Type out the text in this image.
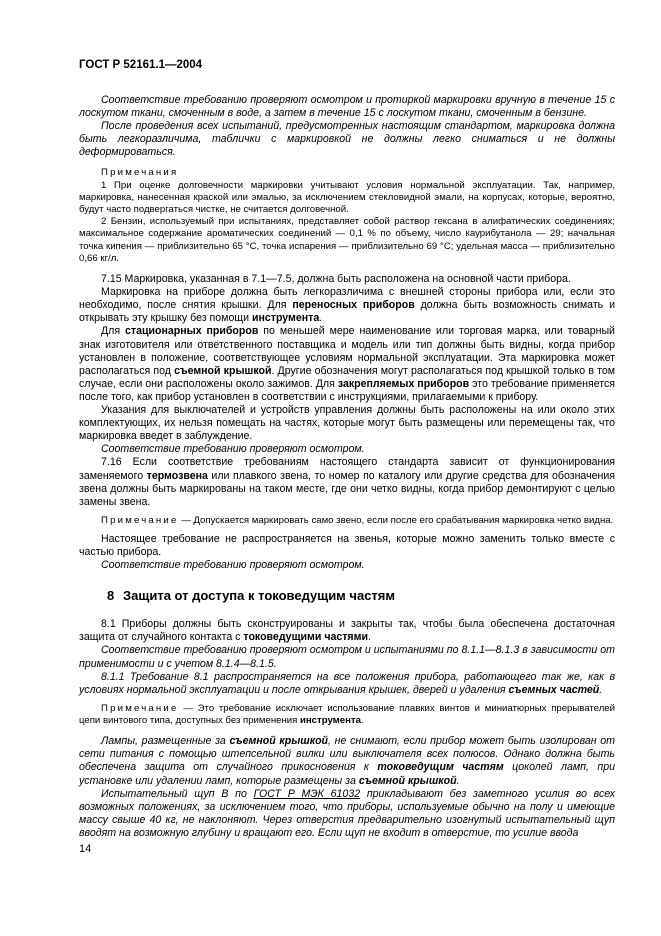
ГОСТ Р 52161.1—2004

Соответствие требованию проверяют осмотром и протиркой маркировки вручную в течение 15 с лоскутом ткани, смоченным в воде, а затем в течение 15 с лоскутом ткани, смоченным в бензине.

После проведения всех испытаний, предусмотренных настоящим стандартом, маркировка должна быть легкоразличима, таблички с маркировкой не должны легко сниматься и не должны деформироваться.

Примечания

1 При оценке долговечности маркировки учитывают условия нормальной эксплуатации. Так, например, маркировка, нанесенная краской или эмалью, за исключением стекловидной эмали, на корпусах, которые, вероятно, будут часто подвергаться чистке, не считается долговечной.

2 Бензин, используемый при испытаниях, представляет собой раствор гексана в алифатических соединениях; максимальное содержание ароматических соединений — 0,1 % по объему, число каурибутанола — 29; начальная точка кипения — приблизительно 65 °С, точка испарения — приблизительно 69 °С; удельная масса — приблизительно 0,66 кг/л.

7.15 Маркировка, указанная в 7.1—7.5, должна быть расположена на основной части прибора.

Маркировка на приборе должна быть легкоразличима с внешней стороны прибора или, если это необходимо, после снятия крышки. Для переносных приборов должна быть возможность снимать и открывать эту крышку без помощи инструмента.

Для стационарных приборов по меньшей мере наименование или торговая марка, или товарный знак изготовителя или ответственного поставщика и модель или тип должны быть видны, когда прибор установлен в положение, соответствующее условиям нормальной эксплуатации. Эта маркировка может располагаться под съемной крышкой. Другие обозначения могут располагаться под крышкой только в том случае, если они расположены около зажимов. Для закрепляемых приборов это требование применяется после того, как прибор установлен в соответствии с инструкциями, прилагаемыми к прибору.

Указания для выключателей и устройств управления должны быть расположены на или около этих комплектующих, их нельзя помещать на частях, которые могут быть размещены или перемещены так, что маркировка введет в заблуждение.

Соответствие требованию проверяют осмотром.

7.16 Если соответствие требованиям настоящего стандарта зависит от функционирования заменяемого термозвена или плавкого звена, то номер по каталогу или другие средства для обозначения звена должны быть маркированы на таком месте, где они четко видны, когда прибор демонтируют с целью замены звена.

Примечание — Допускается маркировать само звено, если после его срабатывания маркировка четко видна.

Настоящее требование не распространяется на звенья, которые можно заменить только вместе с частью прибора.

Соответствие требованию проверяют осмотром.

8 Защита от доступа к токоведущим частям

8.1 Приборы должны быть сконструированы и закрыты так, чтобы была обеспечена достаточная защита от случайного контакта с токоведущими частями.

Соответствие требованию проверяют осмотром и испытаниями по 8.1.1—8.1.3 в зависимости от применимости и с учетом 8.1.4—8.1.5.

8.1.1 Требование 8.1 распространяется на все положения прибора, работающего так же, как в условиях нормальной эксплуатации и после открывания крышек, дверей и удаления съемных частей.

Примечание — Это требование исключает использование плавких винтов и миниатюрных прерывателей цепи винтового типа, доступных без применения инструмента.

Лампы, размещенные за съемной крышкой, не снимают, если прибор может быть изолирован от сети питания с помощью штепсельной вилки или выключателя всех полюсов. Однако должна быть обеспечена защита от случайного прикосновения к токоведущим частям цоколей ламп, при установке или удалении ламп, которые размещены за съемной крышкой.

Испытательный щуп В по ГОСТ Р МЭК 61032 прикладывают без заметного усилия во всех возможных положениях, за исключением того, что приборы, используемые обычно на полу и имеющие массу свыше 40 кг, не наклоняют. Через отверстия предварительно изогнутый испытательный щуп вводят на возможную глубину и вращают его. Если щуп не входит в отверстие, то усилие ввода

14
